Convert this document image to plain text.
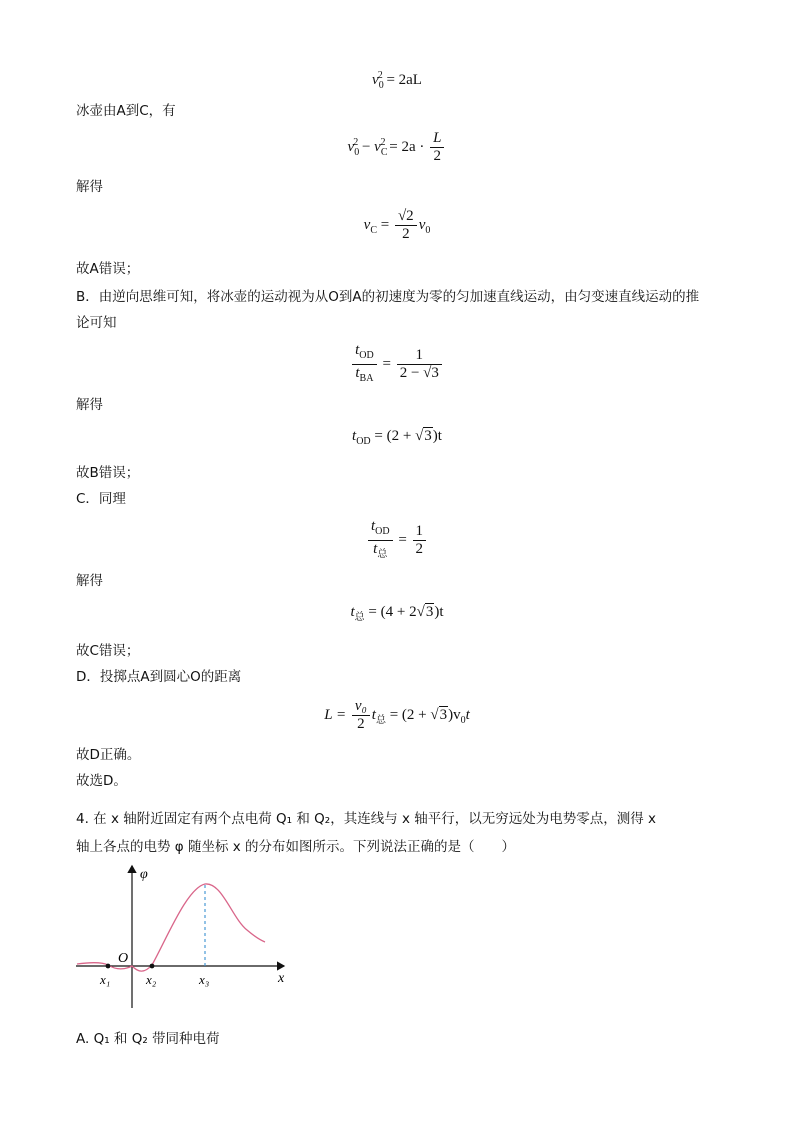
$v_0^2 = 2aL$
冰壶由A到C，有
$v_0^2 - v_C^2 = 2a \cdot \frac{L}{2}$
解得
$v_C = \frac{√2}{2} v_0$
故A错误；
B．由逆向思维可知，将冰壶的运动视为从O到A的初速度为零的匀加速直线运动，由匀变速直线运动的推
论可知
$\frac{t_{OD}}{t_{BA}} = \frac{1}{2 - √3}$
解得
$t_{OD} = (2 + √3)t$
故B错误；
C．同理
$\frac{t_{OD}}{t_总} = \frac{1}{2}$
解得
$t_总 = (4 + 2√3)t$
故C错误；
D．投掷点A到圆心O的距离
$L = \frac{\text{v₀}}{2} t_总 = (2 + √3)v_0t$
故D正确。
故选D。
4. 在 x 轴附近固定有两个点电荷 Q₁ 和 Q₂，其连线与 x 轴平行，以无穷远处为电势零点，测得 x
轴上各点的电势 φ 随坐标 x 的分布如图所示。下列说法正确的是（　　）
φ
x
O
x₁	x₂	x₃
A. Q₁ 和 Q₂ 带同种电荷
